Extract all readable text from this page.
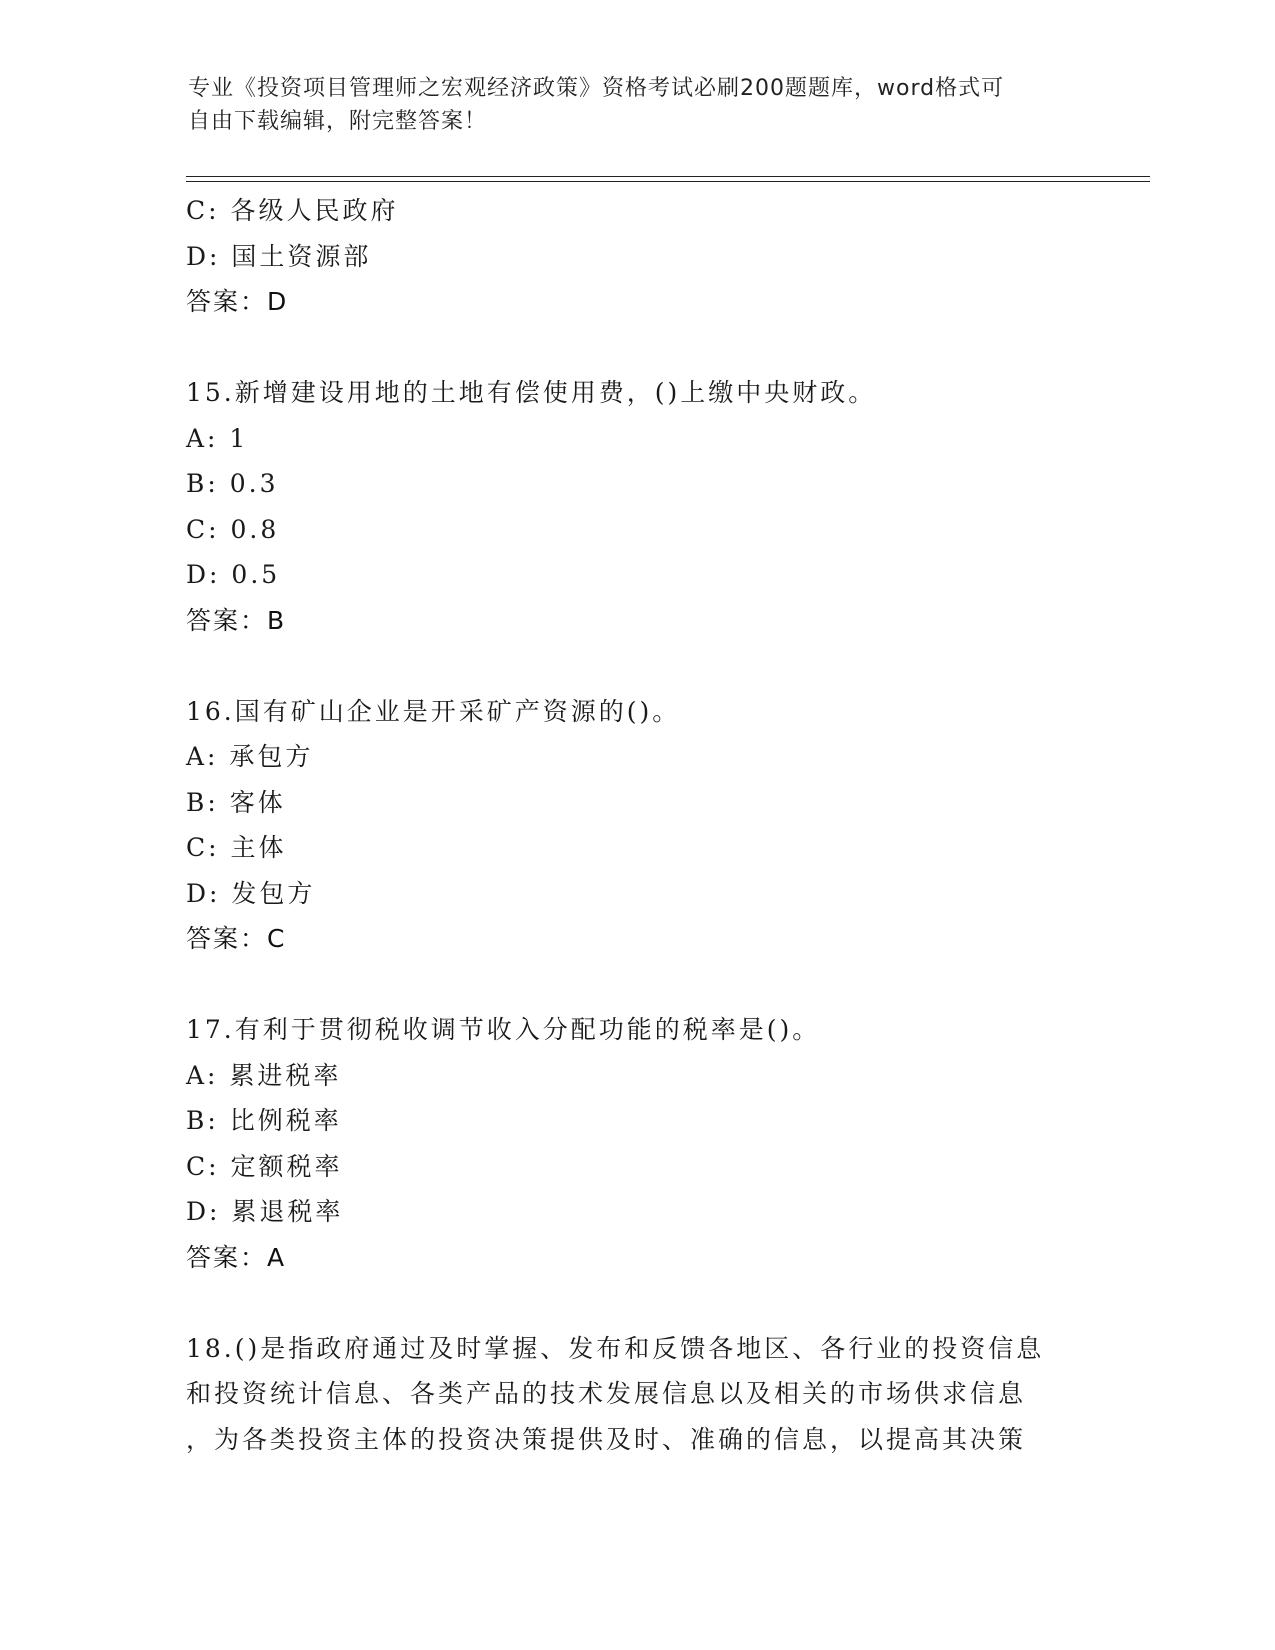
专业《投资项目管理师之宏观经济政策》资格考试必刷200题题库，word格式可
自由下载编辑，附完整答案！
C: 各级人民政府
D: 国土资源部
答案：D
15.新增建设用地的土地有偿使用费，()上缴中央财政。
A: 1
B: 0.3
C: 0.8
D: 0.5
答案：B
16.国有矿山企业是开采矿产资源的()。
A: 承包方
B: 客体
C: 主体
D: 发包方
答案：C
17.有利于贯彻税收调节收入分配功能的税率是()。
A: 累进税率
B: 比例税率
C: 定额税率
D: 累退税率
答案：A
18.()是指政府通过及时掌握、发布和反馈各地区、各行业的投资信息
和投资统计信息、各类产品的技术发展信息以及相关的市场供求信息
，为各类投资主体的投资决策提供及时、准确的信息，以提高其决策
